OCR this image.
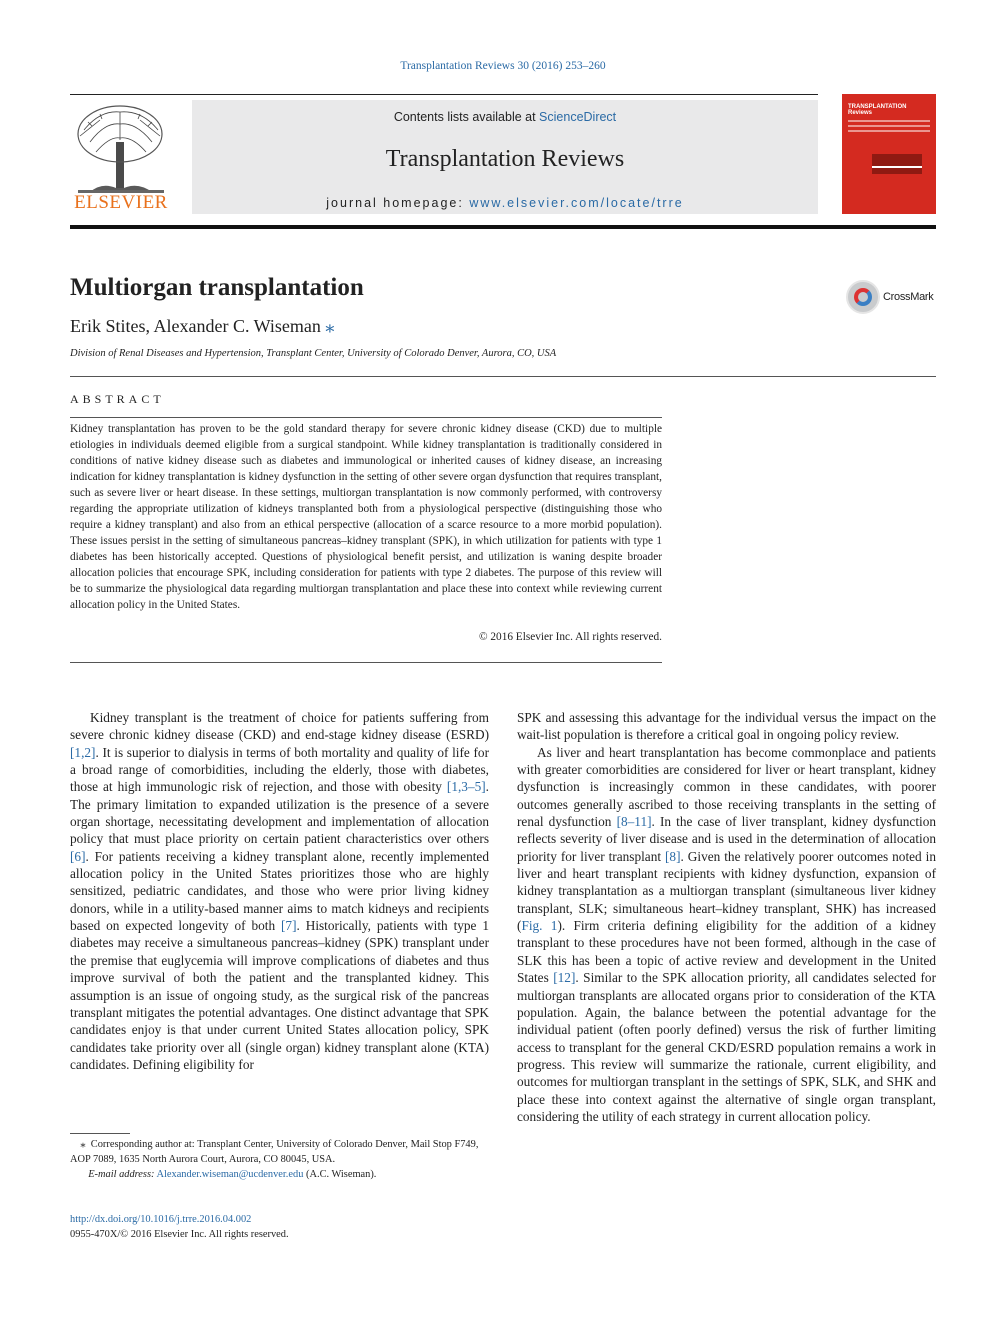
Transplantation Reviews 30 (2016) 253–260
ELSEVIER
Contents lists available at ScienceDirect
Transplantation Reviews
journal homepage: www.elsevier.com/locate/trre
TRANSPLANTATION Reviews
Multiorgan transplantation
Erik Stites, Alexander C. Wiseman ⁎
Division of Renal Diseases and Hypertension, Transplant Center, University of Colorado Denver, Aurora, CO, USA
CrossMark
ABSTRACT
Kidney transplantation has proven to be the gold standard therapy for severe chronic kidney disease (CKD) due to multiple etiologies in individuals deemed eligible from a surgical standpoint. While kidney transplantation is traditionally considered in conditions of native kidney disease such as diabetes and immunological or inherited causes of kidney disease, an increasing indication for kidney transplantation is kidney dysfunction in the setting of other severe organ dysfunction that requires transplant, such as severe liver or heart disease. In these settings, multiorgan transplantation is now commonly performed, with controversy regarding the appropriate utilization of kidneys transplanted both from a physiological perspective (distinguishing those who require a kidney transplant) and also from an ethical perspective (allocation of a scarce resource to a more morbid population). These issues persist in the setting of simultaneous pancreas–kidney transplant (SPK), in which utilization for patients with type 1 diabetes has been historically accepted. Questions of physiological benefit persist, and utilization is waning despite broader allocation policies that encourage SPK, including consideration for patients with type 2 diabetes. The purpose of this review will be to summarize the physiological data regarding multiorgan transplantation and place these into context while reviewing current allocation policy in the United States.
© 2016 Elsevier Inc. All rights reserved.

Kidney transplant is the treatment of choice for patients suffering from severe chronic kidney disease (CKD) and end-stage kidney disease (ESRD) [1,2]. It is superior to dialysis in terms of both mortality and quality of life for a broad range of comorbidities, including the elderly, those with diabetes, those at high immunologic risk of rejection, and those with obesity [1,3–5]. The primary limitation to expanded utilization is the presence of a severe organ shortage, necessitating development and implementation of allocation policy that must place priority on certain patient characteristics over others [6]. For patients receiving a kidney transplant alone, recently implemented allocation policy in the United States prioritizes those who are highly sensitized, pediatric candidates, and those who were prior living kidney donors, while in a utility-based manner aims to match kidneys and recipients based on expected longevity of both [7]. Historically, patients with type 1 diabetes may receive a simultaneous pancreas–kidney (SPK) transplant under the premise that euglycemia will improve complications of diabetes and thus improve survival of both the patient and the transplanted kidney. This assumption is an issue of ongoing study, as the surgical risk of the pancreas transplant mitigates the potential advantages. One distinct advantage that SPK candidates enjoy is that under current United States allocation policy, SPK candidates take priority over all (single organ) kidney transplant alone (KTA) candidates. Defining eligibility for

SPK and assessing this advantage for the individual versus the impact on the wait-list population is therefore a critical goal in ongoing policy review.

As liver and heart transplantation has become commonplace and patients with greater comorbidities are considered for liver or heart transplant, kidney dysfunction is increasingly common in these candidates, with poorer outcomes generally ascribed to those receiving transplants in the setting of renal dysfunction [8–11]. In the case of liver transplant, kidney dysfunction reflects severity of liver disease and is used in the determination of allocation priority for liver transplant [8]. Given the relatively poorer outcomes noted in liver and heart transplant recipients with kidney dysfunction, expansion of kidney transplantation as a multiorgan transplant (simultaneous liver kidney transplant, SLK; simultaneous heart–kidney transplant, SHK) has increased (Fig. 1). Firm criteria defining eligibility for the addition of a kidney transplant to these procedures have not been formed, although in the case of SLK this has been a topic of active review and development in the United States [12]. Similar to the SPK allocation priority, all candidates selected for multiorgan transplants are allocated organs prior to consideration of the KTA population. Again, the balance between the potential advantage for the individual patient (often poorly defined) versus the risk of further limiting access to transplant for the general CKD/ESRD population remains a work in progress. This review will summarize the rationale, current eligibility, and outcomes for multiorgan transplant in the settings of SPK, SLK, and SHK and place these into context against the alternative of single organ transplant, considering the utility of each strategy in current allocation policy.

⁎ Corresponding author at: Transplant Center, University of Colorado Denver, Mail Stop F749, AOP 7089, 1635 North Aurora Court, Aurora, CO 80045, USA.
E-mail address: Alexander.wiseman@ucdenver.edu (A.C. Wiseman).
http://dx.doi.org/10.1016/j.trre.2016.04.002
0955-470X/© 2016 Elsevier Inc. All rights reserved.
